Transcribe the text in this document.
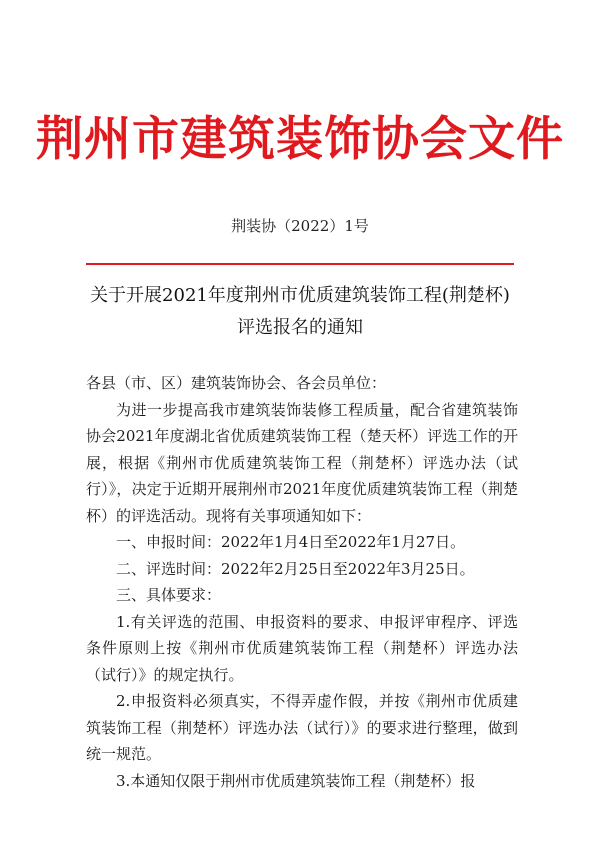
荆州市建筑装饰协会文件
荆装协（2022）1号
关于开展2021年度荆州市优质建筑装饰工程(荆楚杯)
评选报名的通知

各县（市、区）建筑装饰协会、各会员单位：

为进一步提高我市建筑装饰装修工程质量，配合省建筑装饰协会2021年度湖北省优质建筑装饰工程（楚天杯）评选工作的开展，根据《荆州市优质建筑装饰工程（荆楚杯）评选办法（试行）》，决定于近期开展荆州市2021年度优质建筑装饰工程（荆楚杯）的评选活动。现将有关事项通知如下：

一、申报时间：2022年1月4日至2022年1月27日。

二、评选时间：2022年2月25日至2022年3月25日。

三、具体要求：

1.有关评选的范围、申报资料的要求、申报评审程序、评选条件原则上按《荆州市优质建筑装饰工程（荆楚杯）评选办法（试行）》的规定执行。

2.申报资料必须真实，不得弄虚作假，并按《荆州市优质建筑装饰工程（荆楚杯）评选办法（试行）》的要求进行整理，做到统一规范。

3.本通知仅限于荆州市优质建筑装饰工程（荆楚杯）报
